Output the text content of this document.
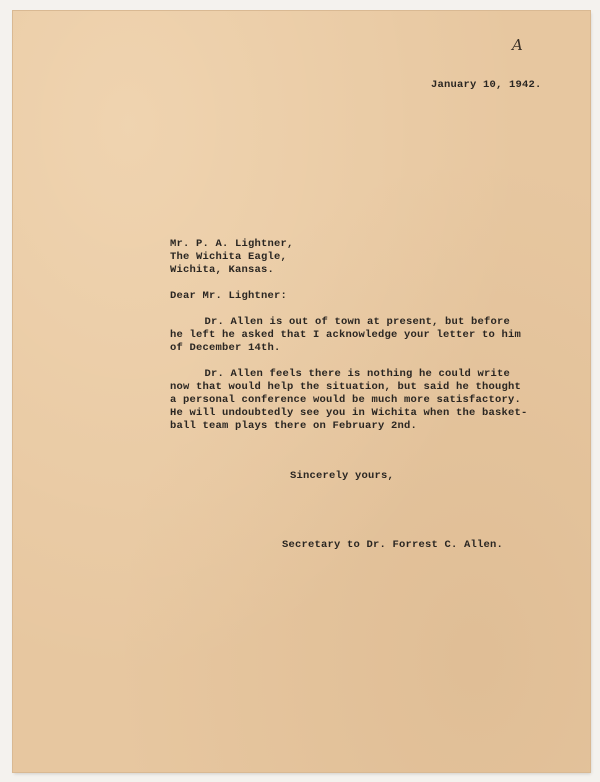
A
January 10, 1942.
Mr. P. A. Lightner,
The Wichita Eagle,
Wichita, Kansas.
Dear Mr. Lightner:
Dr. Allen is out of town at present, but before
he left he asked that I acknowledge your letter to him
of December 14th.
Dr. Allen feels there is nothing he could write
now that would help the situation, but said he thought
a personal conference would be much more satisfactory.
He will undoubtedly see you in Wichita when the basket-
ball team plays there on February 2nd.
Sincerely yours,
Secretary to Dr. Forrest C. Allen.
